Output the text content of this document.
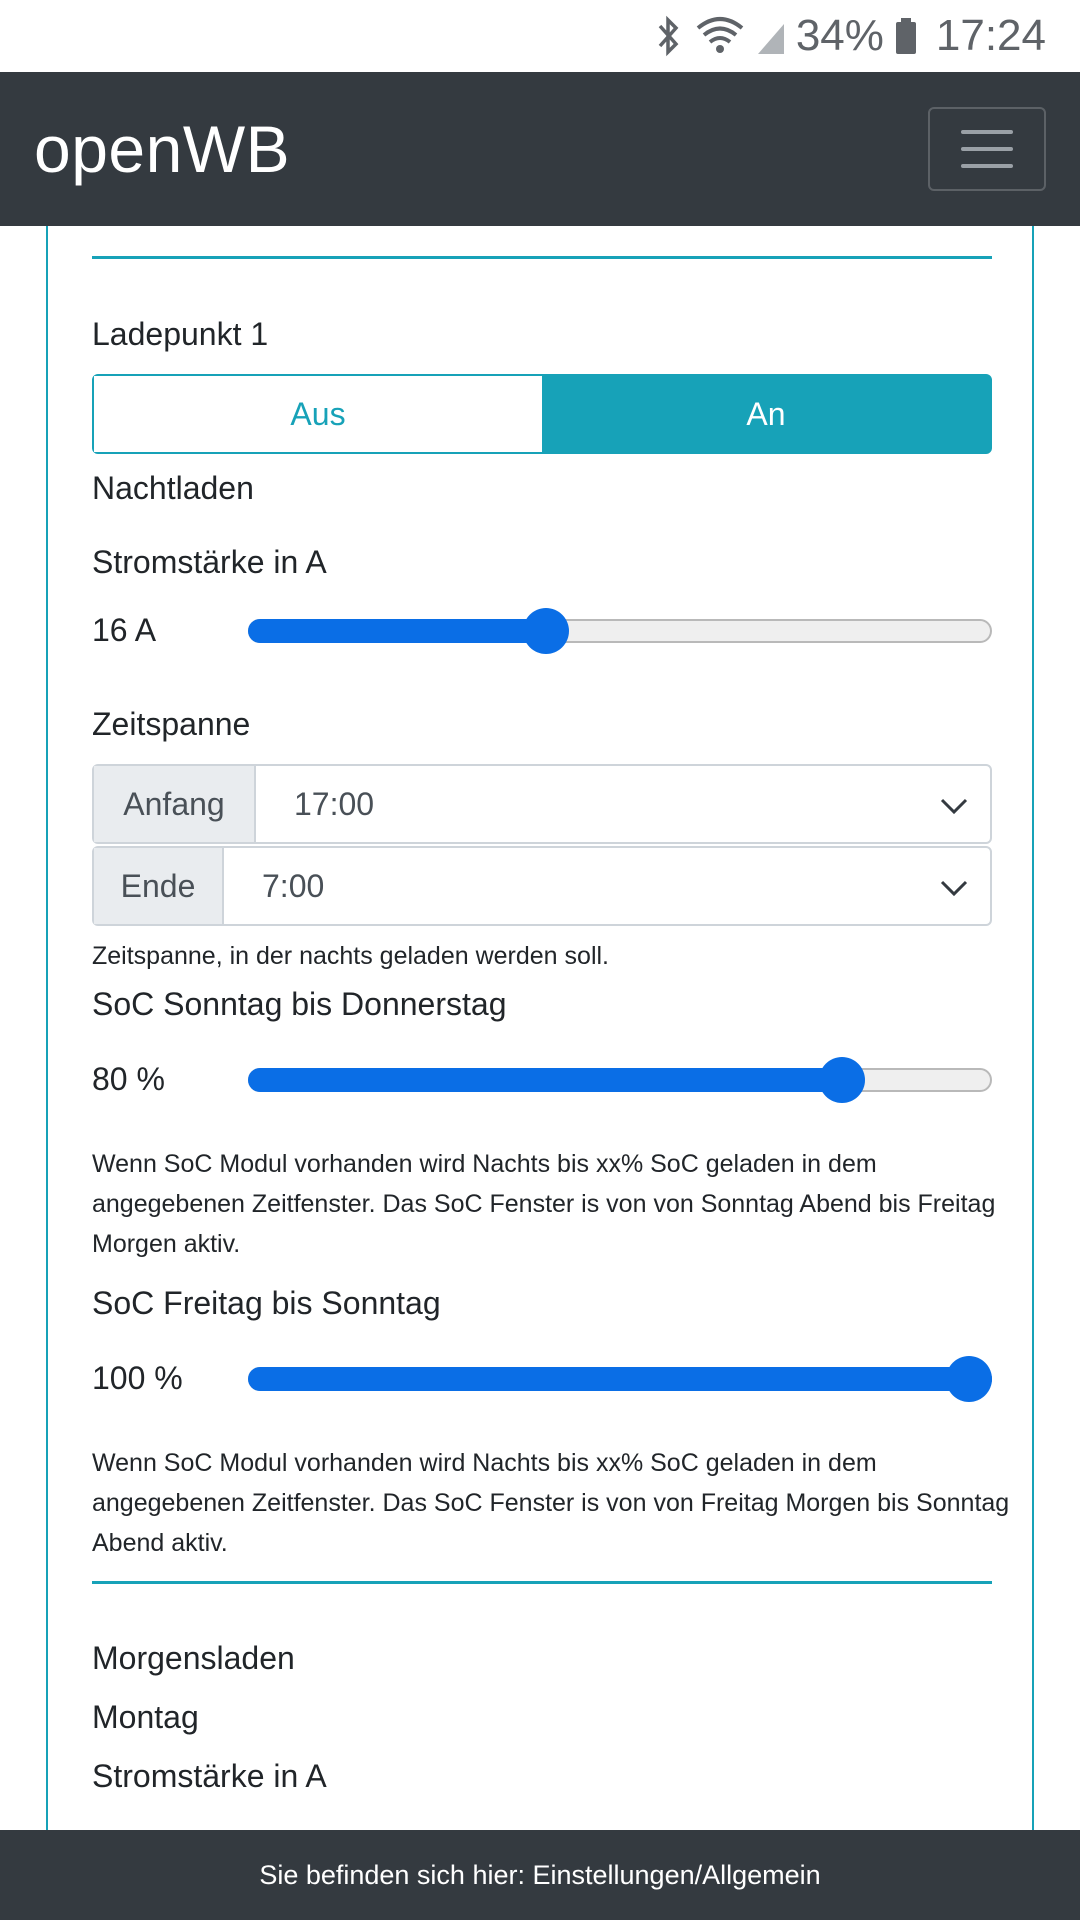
34% 17:24
openWB
Ladepunkt 1
Aus	An
Nachtladen
Stromstärke in A
16 A
Zeitspanne
Anfang	17:00
Ende	7:00
Zeitspanne, in der nachts geladen werden soll.
SoC Sonntag bis Donnerstag
80 %
Wenn SoC Modul vorhanden wird Nachts bis xx% SoC geladen in dem angegebenen Zeitfenster. Das SoC Fenster is von von Sonntag Abend bis Freitag Morgen aktiv.
SoC Freitag bis Sonntag
100 %
Wenn SoC Modul vorhanden wird Nachts bis xx% SoC geladen in dem angegebenen Zeitfenster. Das SoC Fenster is von von Freitag Morgen bis Sonntag Abend aktiv.
Morgensladen
Montag
Stromstärke in A
Sie befinden sich hier: Einstellungen/Allgemein
